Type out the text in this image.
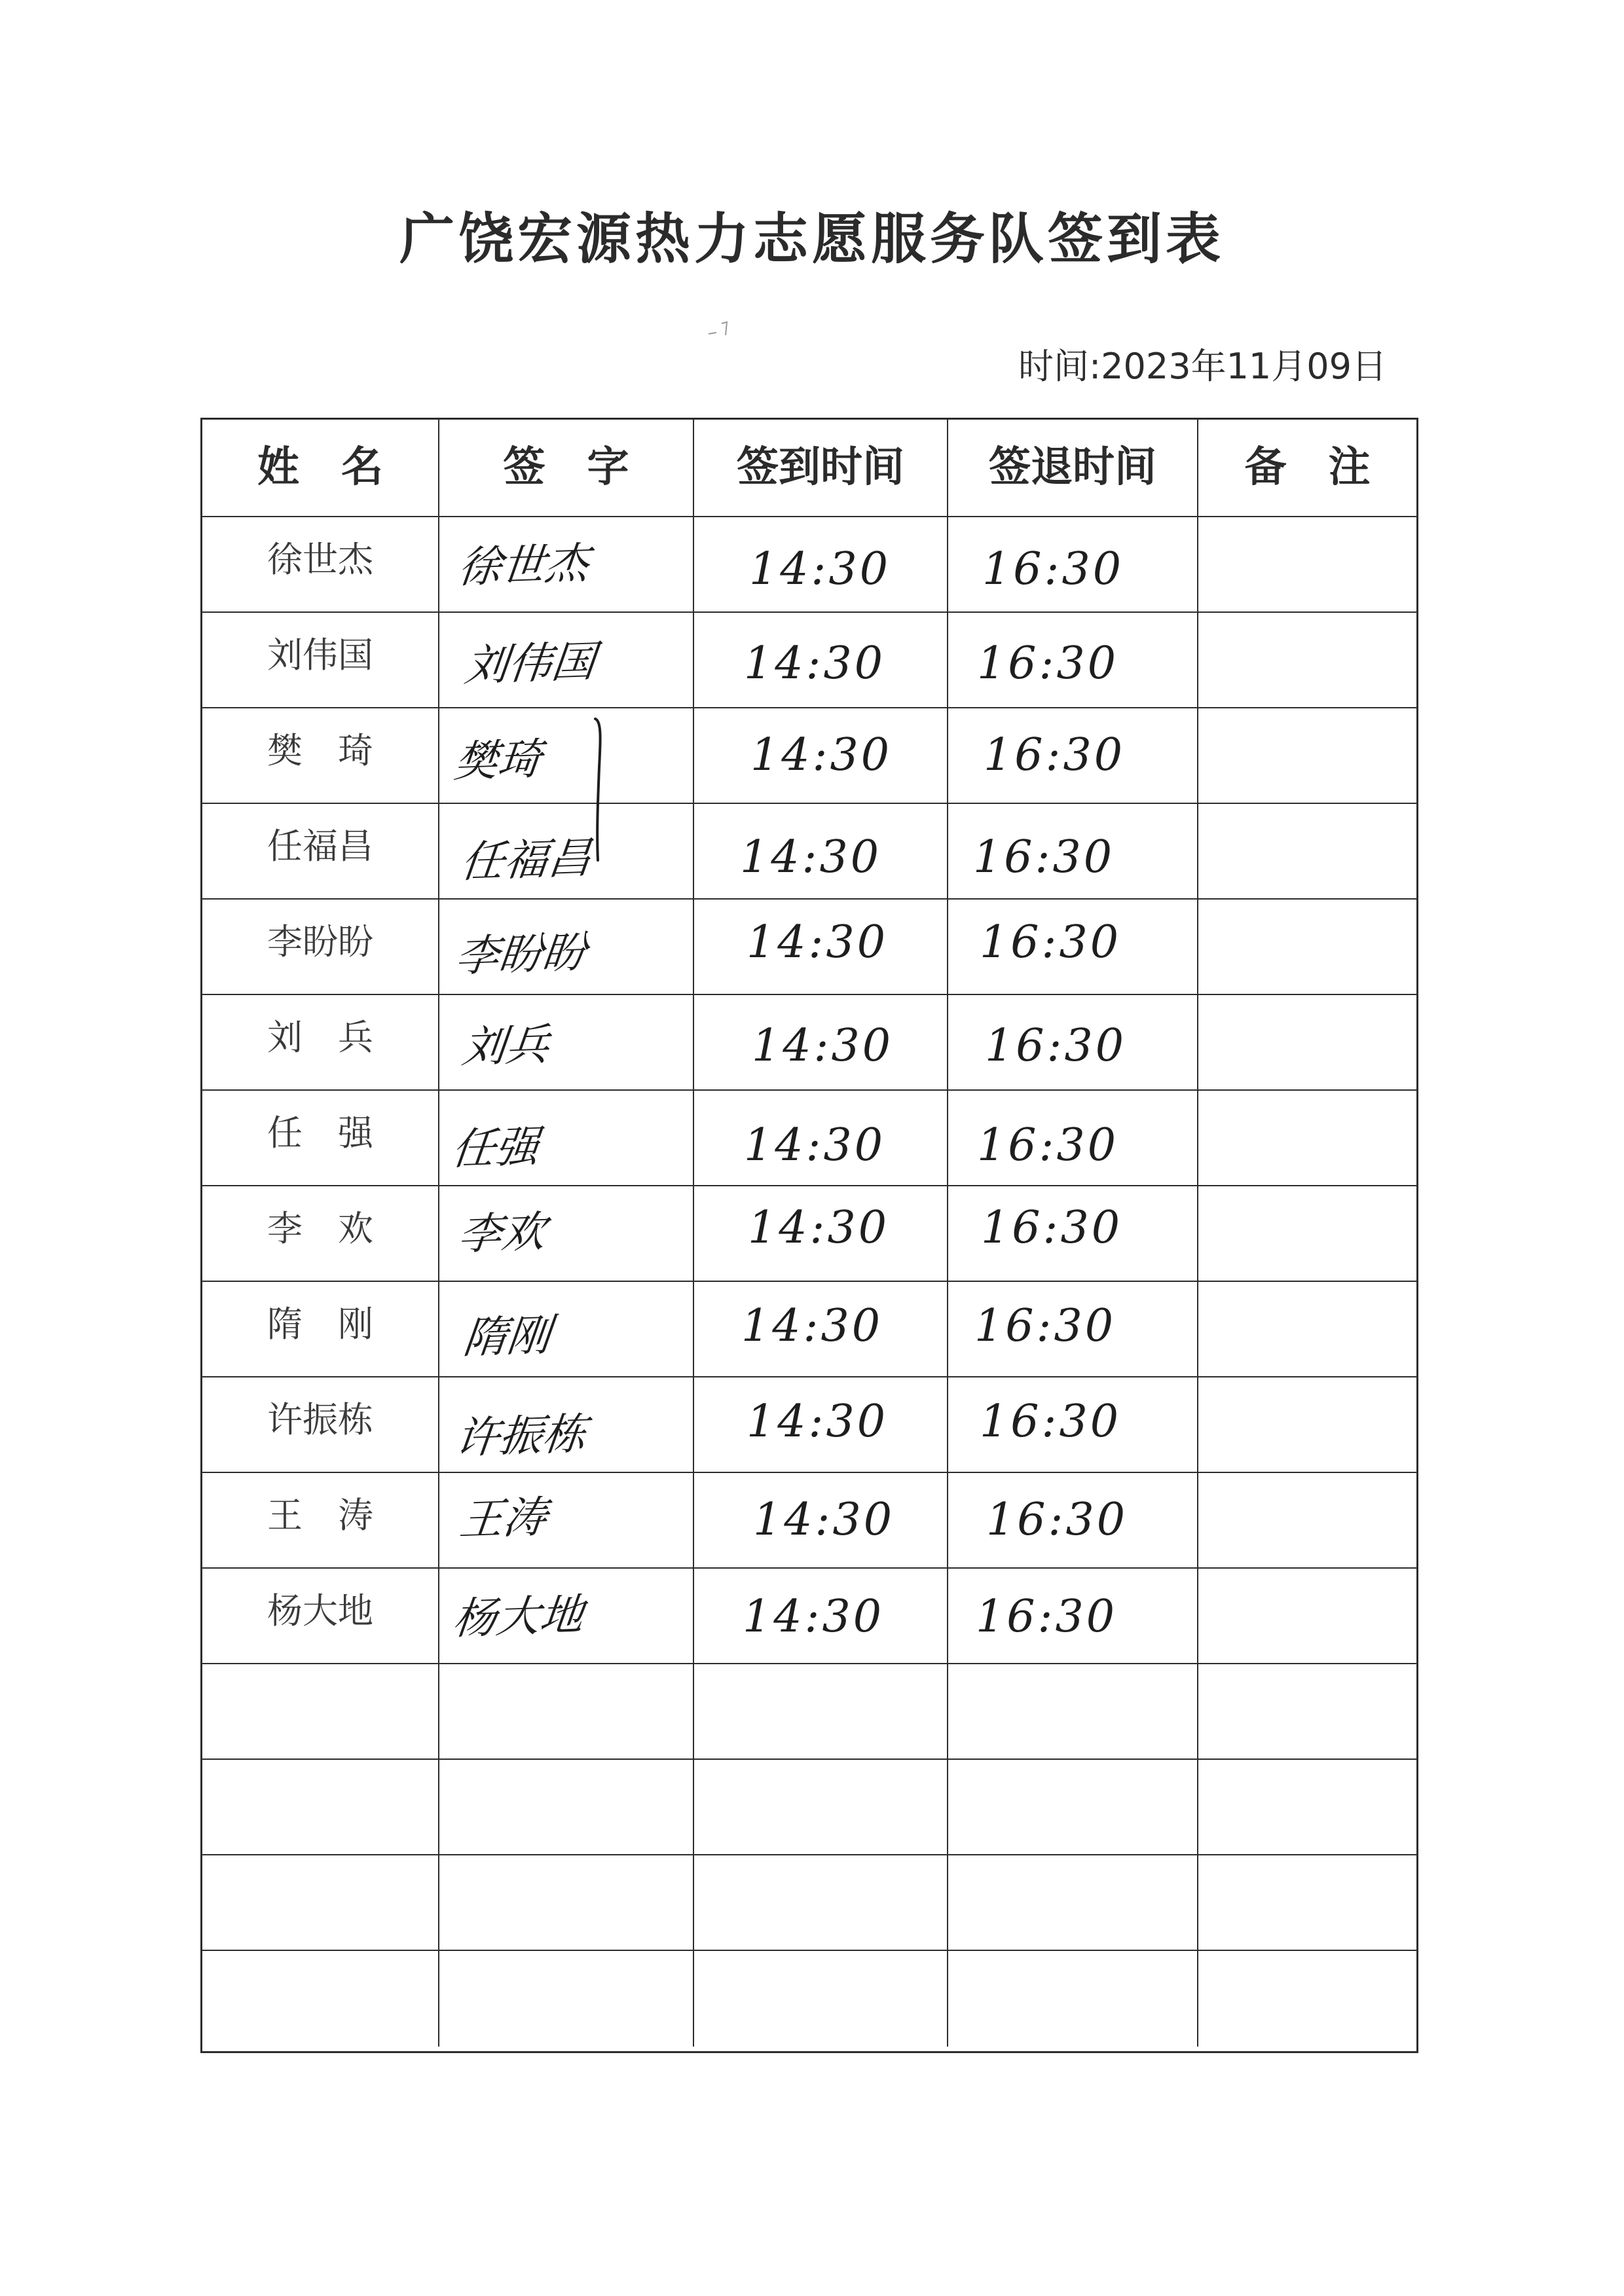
广饶宏源热力志愿服务队签到表
时间:2023年11月09日
姓　名	签　字	签到时间	签退时间	备　注
徐世杰	徐世杰	14:30 16:30
刘伟国	刘伟国	14:30 16:30
樊　琦	樊琦	14:30 16:30
任福昌	任福昌	14:30 16:30
李盼盼	李盼盼	14:30 16:30
刘　兵	刘兵	14:30 16:30
任　强	任强	14:30 16:30
李　欢	李欢	14:30 16:30
隋　刚	隋刚	14:30 16:30
许振栋	许振栋	14:30 16:30
王　涛	王涛	14:30 16:30
杨大地	杨大地	14:30 16:30
